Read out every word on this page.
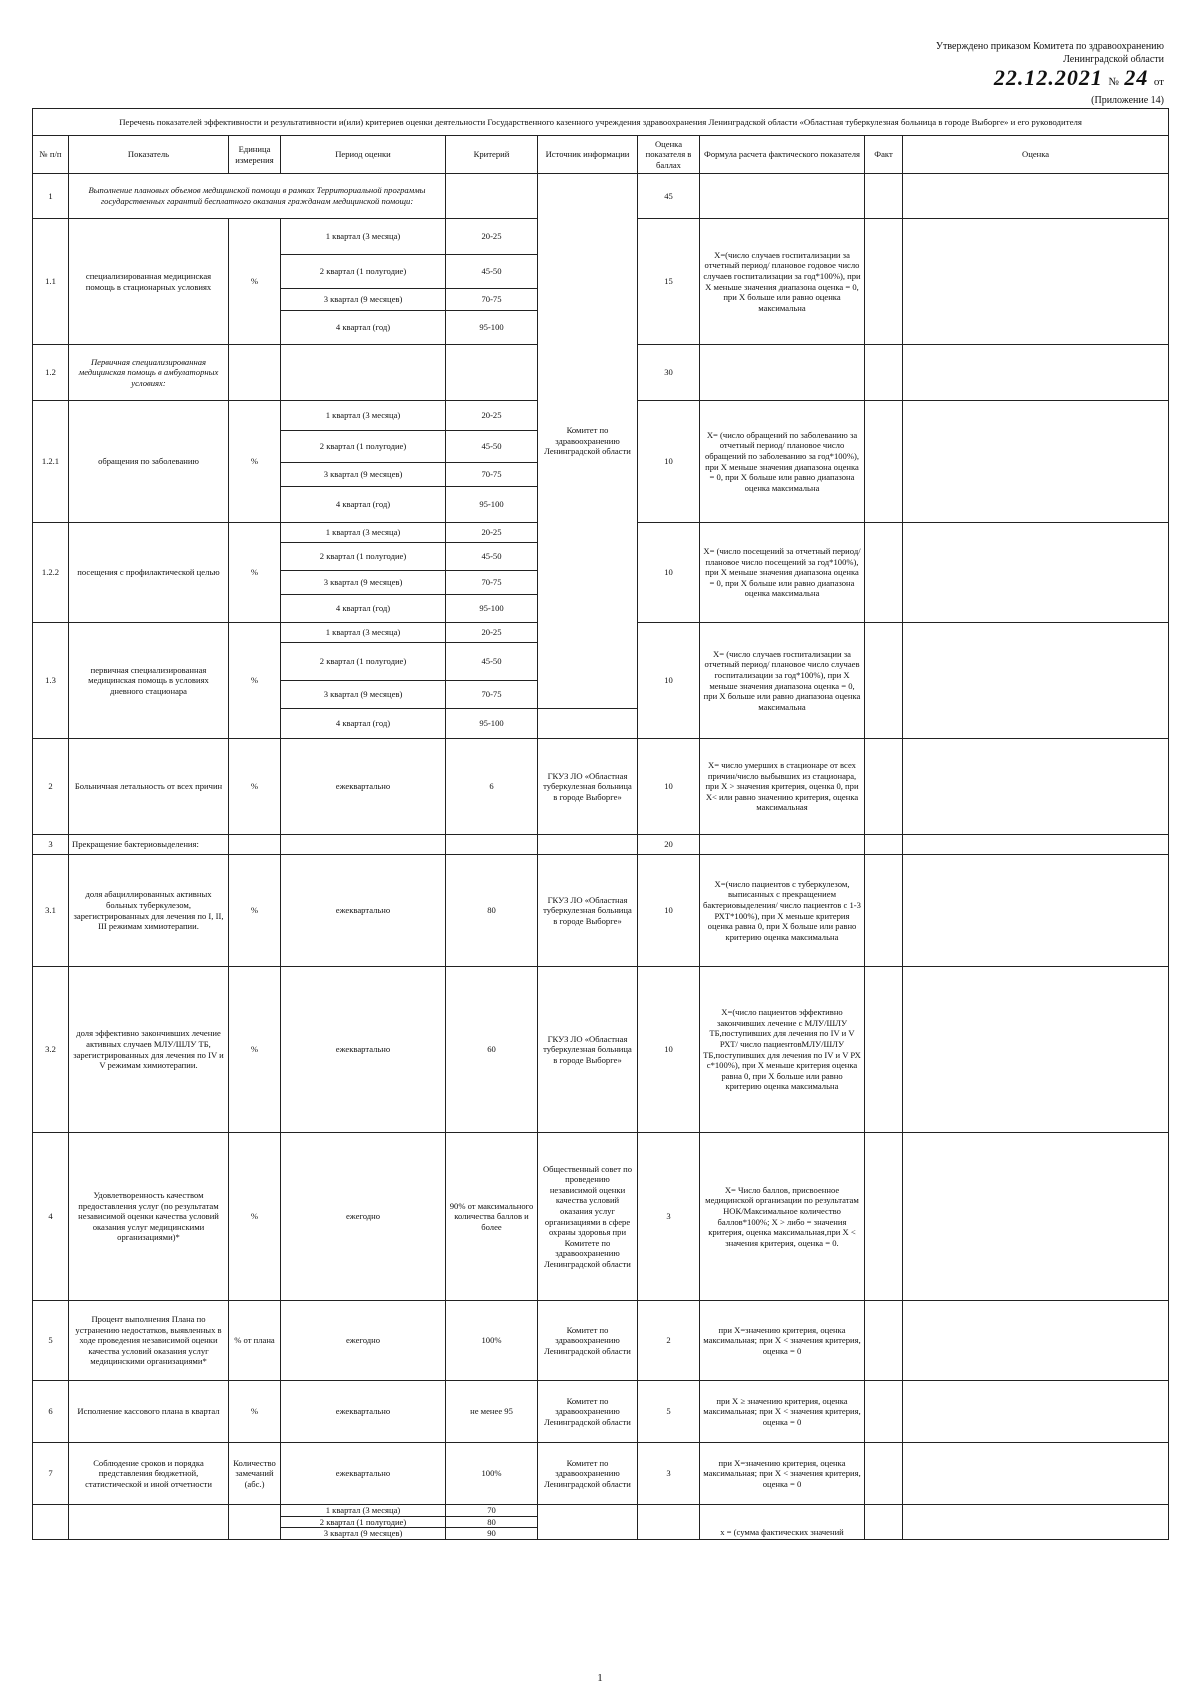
Утверждено приказом Комитета по здравоохранению
Ленинградской области
22.12.2021 № 24 от
(Приложение 14)
Перечень показателей эффективности и результативности и(или) критериев оценки деятельности Государственного казенного учреждения здравоохранения Ленинградской области «Областная туберкулезная больница в городе Выборге» и его руководителя									
№ п/п	Показатель	Единица измерения	Период оценки	Критерий	Источник информации	Оценка показателя в баллах	Формула расчета фактического показателя	Факт	Оценка
1	Выполнение плановых объемов медицинской помощи в рамках Территориальной программы государственных гарантий бесплатного оказания гражданам медицинской помощи:				Комитет по здравоохранению Ленинградской области	45			
1.1	специализированная медицинская помощь в стационарных условиях	%	1 квартал (3 месяца)	20-25		15	Х=(число случаев госпитализации за отчетный период/ плановое годовое число случаев госпитализации за год*100%), при Х меньше значения диапазона оценка = 0, при Х больше или равно оценка максимальна		
			2 квартал (1 полугодие)	45-50					
			3 квартал (9 месяцев)	70-75					
			4 квартал (год)	95-100					
1.2	Первичная специализированная медицинская помощь в амбулаторных условиях:					30			
1.2.1	обращения по заболеванию	%	1 квартал (3 месяца)	20-25		10	Х= (число обращений по заболеванию за отчетный период/ плановое число обращений по заболеванию за год*100%), при Х меньше значения диапазона оценка = 0, при Х больше или равно диапазона оценка максимальна		
			2 квартал (1 полугодие)	45-50					
			3 квартал (9 месяцев)	70-75					
			4 квартал (год)	95-100					
1.2.2	посещения с профилактической целью	%	1 квартал (3 месяца)	20-25		10	Х= (число посещений за отчетный период/ плановое число посещений за год*100%), при Х меньше значения диапазона оценка = 0, при Х больше или равно диапазона оценка максимальна		
			2 квартал (1 полугодие)	45-50					
			3 квартал (9 месяцев)	70-75					
			4 квартал (год)	95-100					
1.3	первичная специализированная медицинская помощь в условиях дневного стационара	%	1 квартал (3 месяца)	20-25		10	Х= (число случаев госпитализации за отчетный период/ плановое число случаев госпитализации за год*100%), при Х меньше значения диапазона оценка = 0, при Х больше или равно диапазона оценка максимальна		
			2 квартал (1 полугодие)	45-50					
			3 квартал (9 месяцев)	70-75					
			4 квартал (год)	95-100					
2	Больничная летальность от всех причин	%	ежеквартально	6	ГКУЗ ЛО «Областная туберкулезная больница в городе Выборге»	10	Х= число умерших в стационаре от всех причин/число выбывших из стационара, при Х > значения критерия, оценка 0, при Х< или равно значению критерия, оценка максимальная		
3	Прекращение бактериовыделения:					20			
3.1	доля абациллированных активных больных туберкулезом, зарегистрированных для лечения по I, II, III режимам химиотерапии.	%	ежеквартально	80	ГКУЗ ЛО «Областная туберкулезная больница в городе Выборге»	10	Х=(число пациентов с туберкулезом, выписанных с прекращением бактериовыделения/ число пациентов с 1-3 РХТ*100%), при Х меньше критерия оценка равна 0, при Х больше или равно критерию оценка максимальна		
3.2	доля эффективно закончивших лечение активных случаев МЛУ/ШЛУ ТБ, зарегистрированных для лечения по IV и V режимам химиотерапии.	%	ежеквартально	60	ГКУЗ ЛО «Областная туберкулезная больница в городе Выборге»	10	Х=(число пациентов эффективно закончивших лечение с МЛУ/ШЛУ ТБ,поступивших для лечения по IV и V РХТ/ число пациентовМЛУ/ШЛУ ТБ,поступивших для лечения по IV и V РХ с*100%), при Х меньше критерия оценка равна 0, при Х больше или равно критерию оценка максимальна		
4	Удовлетворенность качеством предоставления услуг (по результатам независимой оценки качества условий оказания услуг медицинскими организациями)*	%	ежегодно	90% от максимального количества баллов и более	Общественный совет по проведению независимой оценки качества условий оказания услуг организациями в сфере охраны здоровья при Комитете по здравоохранению Ленинградской области	3	Х= Число баллов, присвоенное медицинской организации по результатам НОК/Максимальное количество баллов*100%; Х > либо = значения критерия, оценка максимальная,при Х < значения критерия, оценка = 0.		
5	Процент выполнения Плана по устранению недостатков, выявленных в ходе проведения независимой оценки качества условий оказания услуг медицинскими организациями*	% от плана	ежегодно	100%	Комитет по здравоохранению Ленинградской области	2	при Х=значению критерия, оценка максимальная; при Х < значения критерия, оценка = 0		
6	Исполнение кассового плана в квартал	%	ежеквартально	не менее 95	Комитет по здравоохранению Ленинградской области	5	при Х ≥ значению критерия, оценка максимальная; при Х < значения критерия, оценка = 0		
7	Соблюдение сроков и порядка представления бюджетной, статистической и иной отчетности	Количество замечаний (абс.)	ежеквартально	100%	Комитет по здравоохранению Ленинградской области	3	при Х=значению критерия, оценка максимальная; при Х < значения критерия, оценка = 0		
			1 квартал (3 месяца)	70			х = (сумма фактических значений		
			2 квартал (1 полугодие)	80					
			3 квартал (9 месяцев)	90					
1
